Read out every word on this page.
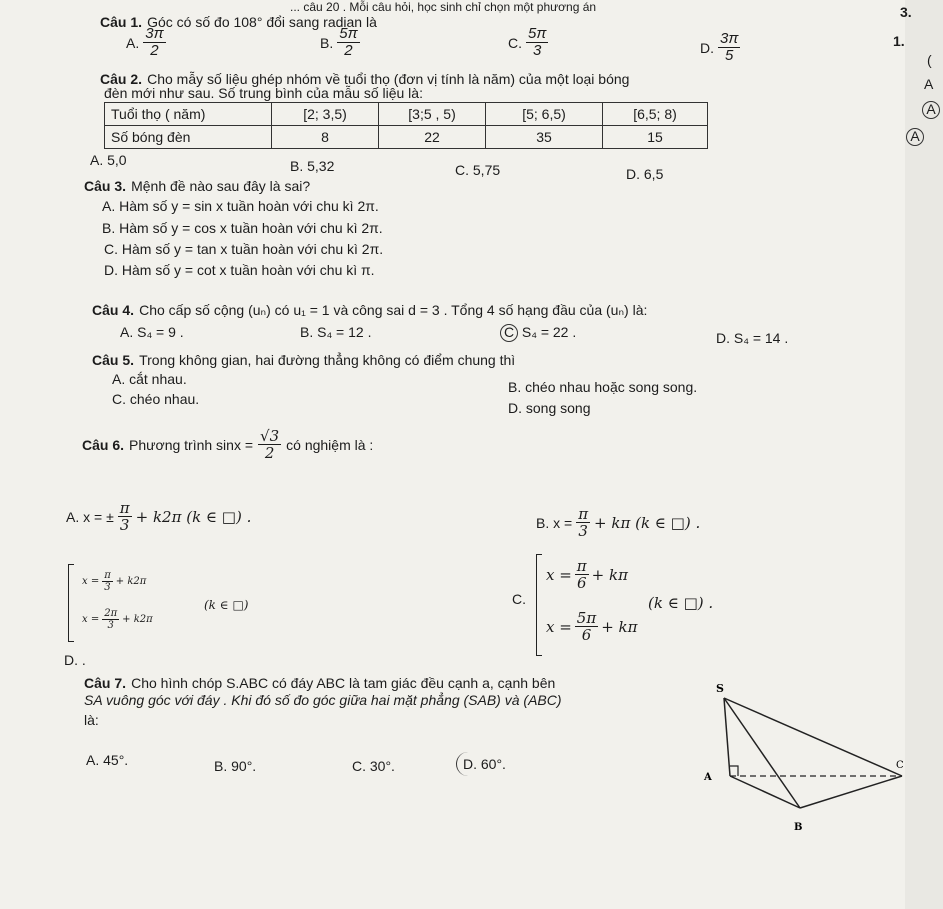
... câu 20 . Mỗi câu hỏi, học sinh chỉ chọn một phương án	3.
1.
(
A
A
A
Câu 1. Góc có số đo 108° đổi sang radian là
A. $\frac{3\pi}{2}$	B. $\frac{5\pi}{2}$	C. $\frac{5\pi}{3}$	D. $\frac{3\pi}{5}$
Câu 2. Cho mẫy số liệu ghép nhóm về tuổi thọ (đơn vị tính là năm) của một loại bóng
đèn mới như sau. Số trung bình của mẫu số liệu là:
Tuổi thọ ( năm)	[2; 3,5)	[3;5 , 5)	[5; 6,5)	[6,5; 8)
Số bóng đèn	8	22	35	15
A. 5,0	B. 5,32	C. 5,75	D. 6,5
Câu 3. Mệnh đề nào sau đây là sai?
A. Hàm số y = sin x tuần hoàn với chu kì 2π.
B. Hàm số y = cos x tuần hoàn với chu kì 2π.
C. Hàm số y = tan x tuần hoàn với chu kì 2π.
D. Hàm số y = cot x tuần hoàn với chu kì π.
Câu 4. Cho cấp số cộng (uₙ) có u₁ = 1 và công sai d = 3 . Tổng 4 số hạng đầu của (uₙ) là:
A. S₄ = 9 .	B. S₄ = 12 .	C S₄ = 22 .	D. S₄ = 14 .
Câu 5. Trong không gian, hai đường thẳng không có điểm chung thì
A. cắt nhau.	B. chéo nhau hoặc song song.
C. chéo nhau.
D. song song
Câu 6. Phương trình $\sin x = \frac{√3}{2}$ có nghiệm là :
A. x = ± $\frac{\pi}{3} + k2\pi$ (k ∈ □) .	B. $x = \frac{\pi}{3} + k\pi$ (k ∈ □) .
$x = \frac{\pi}{3} + k2\pi$
$x = \frac{2\pi}{3} + k2\pi$
(k ∈ □)
D. .
C.
$x = \frac{\pi}{6} + k\pi$
$x = \frac{5\pi}{6} + k\pi$
(k ∈ □) .
Câu 7. Cho hình chóp S.ABC có đáy ABC là tam giác đều cạnh a, cạnh bên
SA vuông góc với đáy . Khi đó số đo góc giữa hai mặt phẳng (SAB) và (ABC)
là:
A. 45°.	B. 90°.	C. 30°.	D. 60°.
S
A
B
C
